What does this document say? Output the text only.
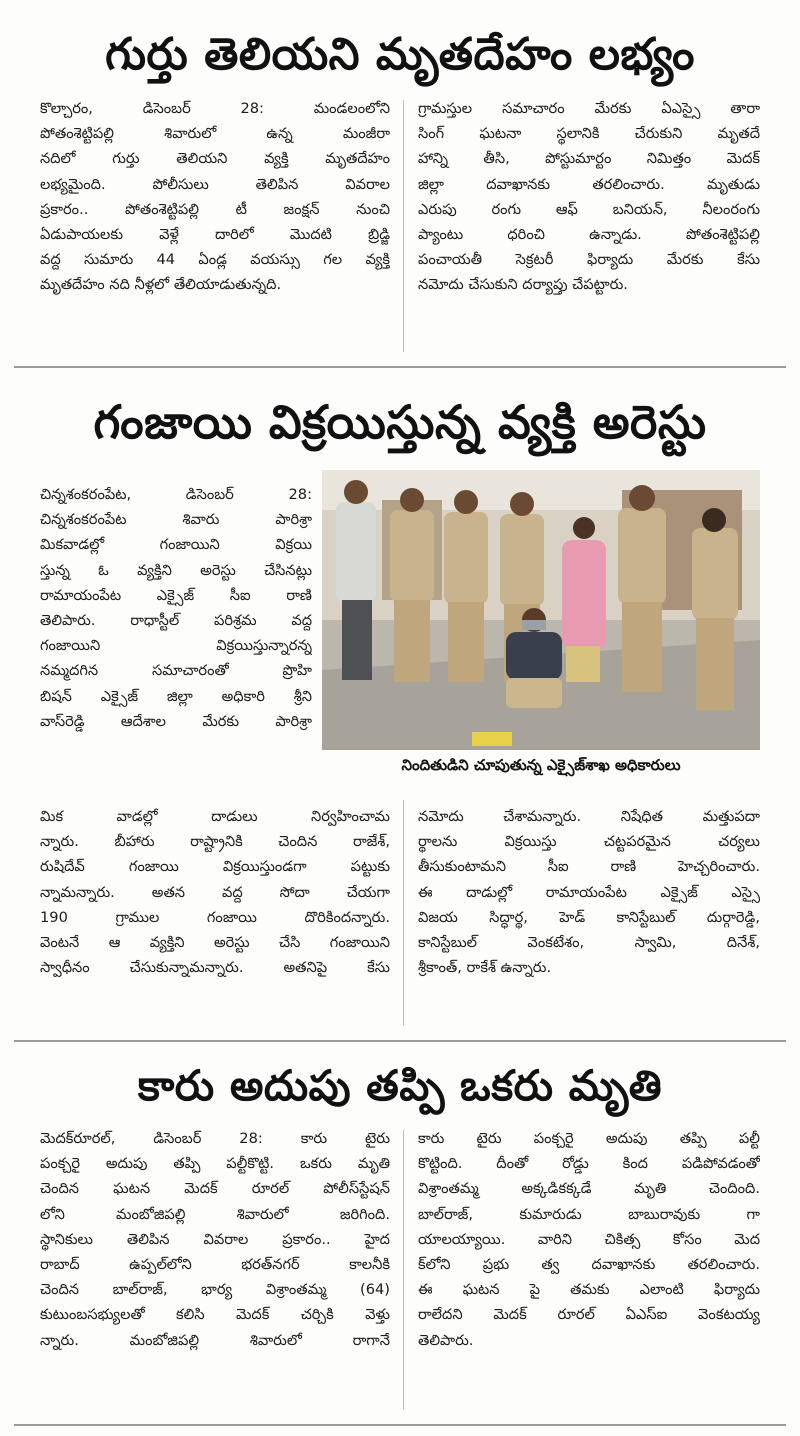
గుర్తు తెలియని మృతదేహం లభ్యం
కొల్చారం, డిసెంబర్ 28: మండలంలోని
పోతంశెట్టిపల్లి శివారులో ఉన్న మంజీరా
నదిలో గుర్తు తెలియని వ్యక్తి మృతదేహం
లభ్యమైంది. పోలీసులు తెలిపిన వివరాల
ప్రకారం.. పోతంశెట్టిపల్లి టీ జంక్షన్ నుంచి
ఏడుపాయలకు వెళ్లే దారిలో మొదటి బ్రిడ్జి
వద్ద సుమారు 44 ఏండ్ల వయస్సు గల వ్యక్తి
మృతదేహం నది నీళ్లలో తేలియాడుతున్నది.
గ్రామస్తుల సమాచారం మేరకు ఏఎస్సై తారా
సింగ్ ఘటనా స్థలానికి చేరుకుని మృతదే
హాన్ని తీసి, పోస్టుమార్టం నిమిత్తం మెదక్
జిల్లా దవాఖానకు తరలించారు. మృతుడు
ఎరుపు రంగు ఆఫ్ బనియన్, నీలంరంగు
ప్యాంటు ధరించి ఉన్నాడు. పోతంశెట్టిపల్లి
పంచాయతీ సెక్రటరీ ఫిర్యాదు మేరకు కేసు
నమోదు చేసుకుని దర్యాప్తు చేపట్టారు.
గంజాయి విక్రయిస్తున్న వ్యక్తి అరెస్టు
చిన్నశంకరంపేట, డిసెంబర్ 28:
చిన్నశంకరంపేట శివారు పారిశ్రా
మికవాడల్లో గంజాయిని విక్రయి
స్తున్న ఓ వ్యక్తిని అరెస్టు చేసినట్లు
రామాయంపేట ఎక్సైజ్ సీఐ రాణి
తెలిపారు. రాధాస్టీల్ పరిశ్రమ వద్ద
గంజాయిని విక్రయిస్తున్నారన్న
నమ్మదగిన సమాచారంతో ప్రొహి
బిషన్ ఎక్సైజ్ జిల్లా అధికారి శ్రీని
వాస్‌రెడ్డి ఆదేశాల మేరకు పారిశ్రా
నిందితుడిని చూపుతున్న ఎక్సైజ్‌శాఖ అధికారులు
మిక వాడల్లో దాడులు నిర్వహించామ
న్నారు. బీహారు రాష్ట్రానికి చెందిన రాజేశ్,
రుషిదేవ్ గంజాయి విక్రయిస్తుండగా పట్టుకు
న్నామన్నారు. అతన వద్ద సోదా చేయగా
190 గ్రాముల గంజాయి దొరికిందన్నారు.
వెంటనే ఆ వ్యక్తిని అరెస్టు చేసి గంజాయిని
స్వాధీనం చేసుకున్నామన్నారు. అతనిపై కేసు
నమోదు చేశామన్నారు. నిషేధిత మత్తుపదా
ర్థాలను విక్రయిస్తు చట్టపరమైన చర్యలు
తీసుకుంటామని సీఐ రాణి హెచ్చరించారు.
ఈ దాడుల్లో రామాయంపేట ఎక్సైజ్ ఎస్సై
విజయ సిద్ధార్థ, హెడ్ కానిస్టేబుల్ దుర్గారెడ్డి,
కానిస్టేబుల్ వెంకటేశం, స్వామి, దినేశ్,
శ్రీకాంత్, రాకేశ్ ఉన్నారు.
కారు అదుపు తప్పి ఒకరు మృతి
మెదక్‌రూరల్, డిసెంబర్ 28: కారు టైరు
పంక్చరై అదుపు తప్పి పల్టీకొట్టి. ఒకరు మృతి
చెందిన ఘటన మెదక్ రూరల్ పోలీస్‌స్టేషన్
లోని మంబోజిపల్లి శివారులో జరిగింది.
స్థానికులు తెలిపిన వివరాల ప్రకారం.. హైద
రాబాద్ ఉప్పల్‌లోని భరత్‌నగర్ కాలనీకి
చెందిన బాల్‌రాజ్, భార్య విశ్రాంతమ్మ (64)
కుటుంబసభ్యులతో కలిసి మెదక్ చర్చికి వెళ్తు
న్నారు. మంబోజిపల్లి శివారులో రాగానే
కారు టైరు పంక్చరై అదుపు తప్పి పల్టీ
కొట్టింది. దీంతో రోడ్డు కింద పడిపోవడంతో
విశ్రాంతమ్మ అక్కడికక్కడే మృతి చెందింది.
బాల్‌రాజ్, కుమారుడు బాబురావుకు గా
యాలయ్యాయి. వారిని చికిత్స కోసం మెద
క్‌లోని ప్రభు త్వ దవాఖానకు తరలించారు.
ఈ ఘటన పై తమకు ఎలాంటి ఫిర్యాదు
రాలేదని మెదక్ రూరల్ ఏఎస్ఐ వెంకటయ్య
తెలిపారు.
